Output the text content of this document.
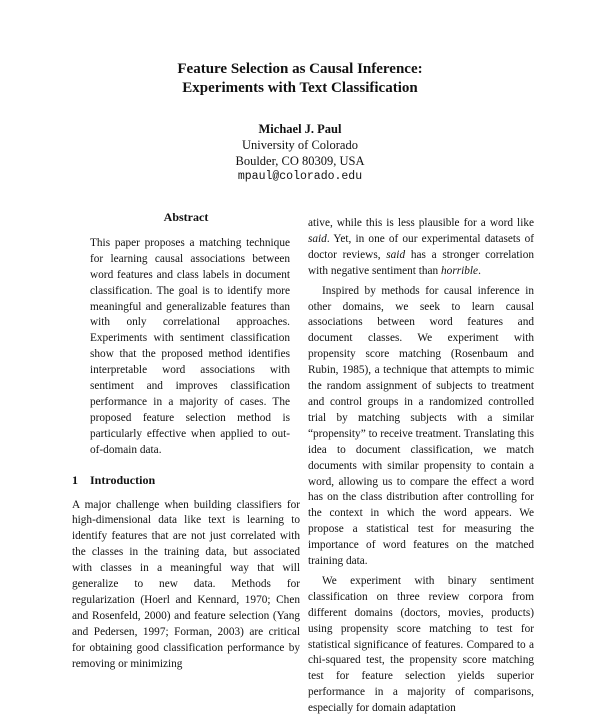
Feature Selection as Causal Inference:
Experiments with Text Classification
Michael J. Paul
University of Colorado
Boulder, CO 80309, USA
mpaul@colorado.edu
Abstract

This paper proposes a matching technique for learning causal associations between word features and class labels in document classification. The goal is to identify more meaningful and generalizable features than with only correlational approaches. Experiments with sentiment classification show that the proposed method identifies interpretable word associations with sentiment and improves classification performance in a majority of cases. The proposed feature selection method is particularly effective when applied to out-of-domain data.

1 Introduction

A major challenge when building classifiers for high-dimensional data like text is learning to identify features that are not just correlated with the classes in the training data, but associated with classes in a meaningful way that will generalize to new data. Methods for regularization (Hoerl and Kennard, 1970; Chen and Rosenfeld, 2000) and feature selection (Yang and Pedersen, 1997; Forman, 2003) are critical for obtaining good classification performance by removing or minimizing

ative, while this is less plausible for a word like said. Yet, in one of our experimental datasets of doctor reviews, said has a stronger correlation with negative sentiment than horrible.

Inspired by methods for causal inference in other domains, we seek to learn causal associations between word features and document classes. We experiment with propensity score matching (Rosenbaum and Rubin, 1985), a technique that attempts to mimic the random assignment of subjects to treatment and control groups in a randomized controlled trial by matching subjects with a similar “propensity” to receive treatment. Translating this idea to document classification, we match documents with similar propensity to contain a word, allowing us to compare the effect a word has on the class distribution after controlling for the context in which the word appears. We propose a statistical test for measuring the importance of word features on the matched training data.

We experiment with binary sentiment classification on three review corpora from different domains (doctors, movies, products) using propensity score matching to test for statistical significance of features. Compared to a chi-squared test, the propensity score matching test for feature selection yields superior performance in a majority of comparisons, especially for domain adaptation
